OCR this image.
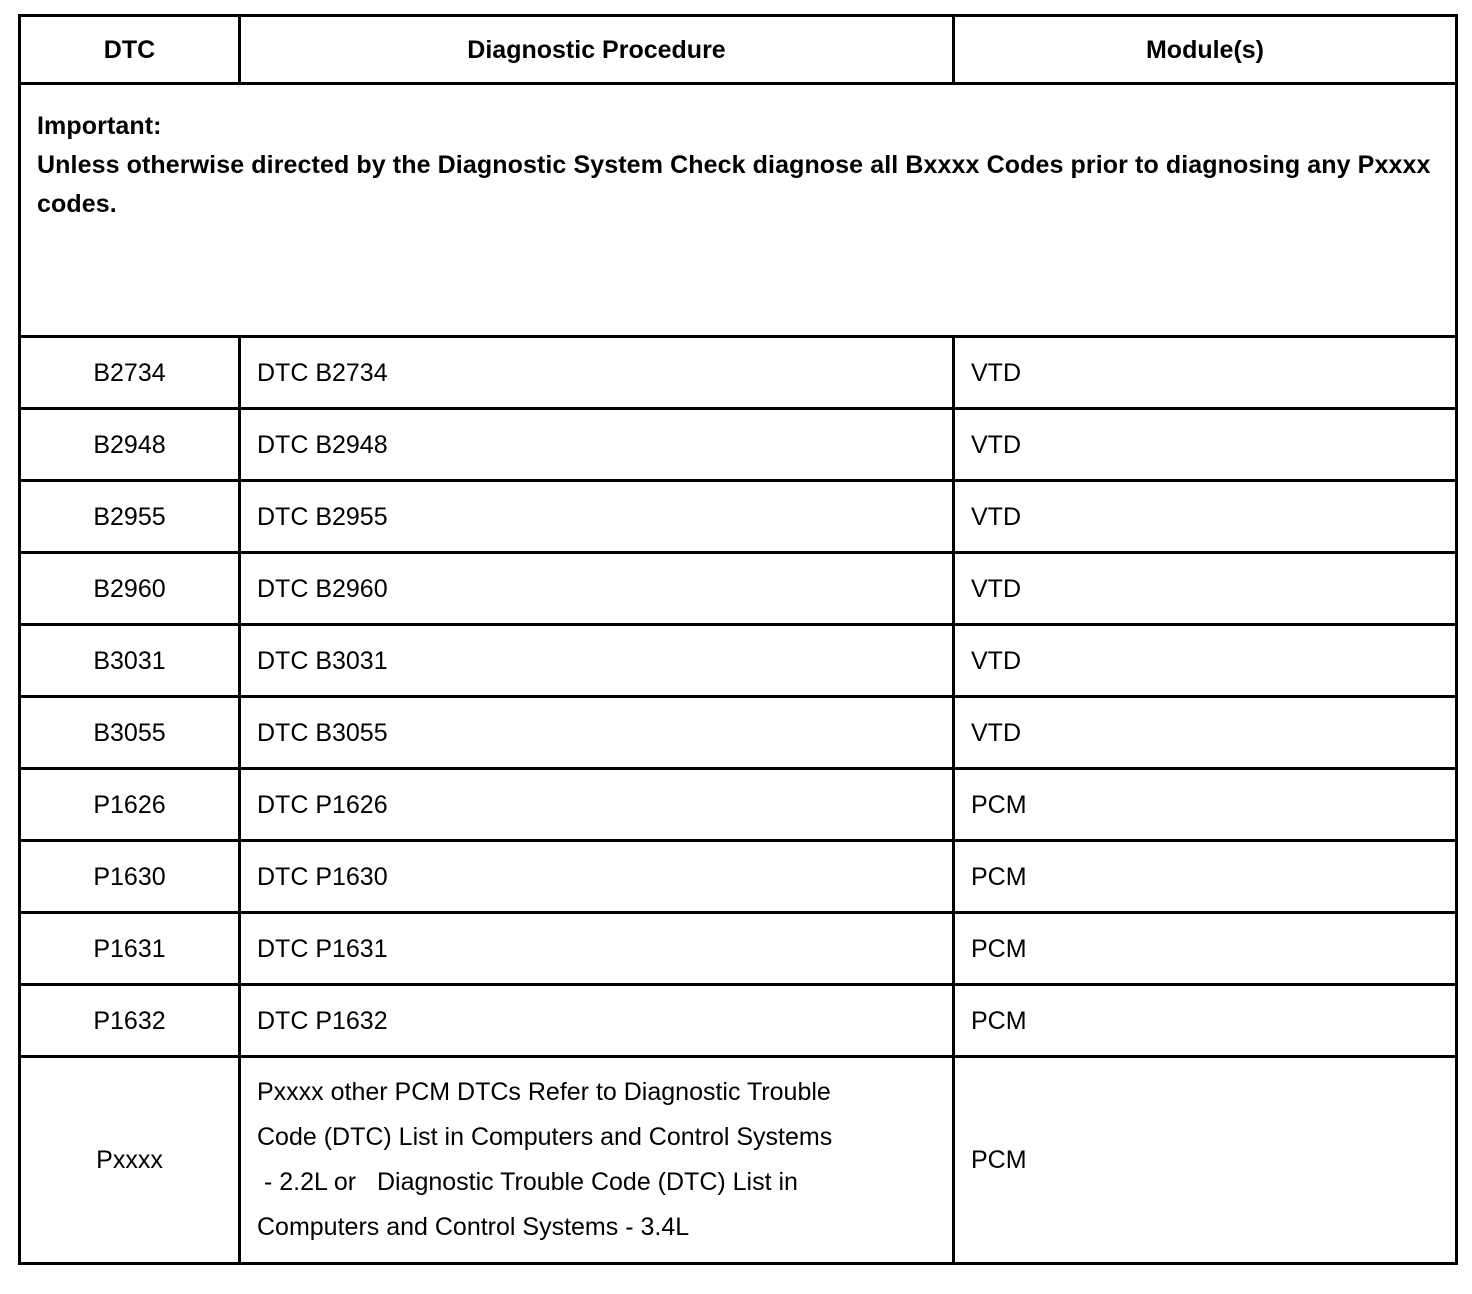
DTC	Diagnostic Procedure	Module(s)

Important:
Unless otherwise directed by the Diagnostic System Check diagnose all Bxxxx Codes prior to diagnosing any Pxxxx codes.		

B2734	DTC B2734	VTD
B2948	DTC B2948	VTD
B2955	DTC B2955	VTD
B2960	DTC B2960	VTD
B3031	DTC B3031	VTD
B3055	DTC B3055	VTD
P1626	DTC P1626	PCM
P1630	DTC P1630	PCM
P1631	DTC P1631	PCM
P1632	DTC P1632	PCM
Pxxxx	Pxxxx other PCM DTCs Refer to Diagnostic Trouble
Code (DTC) List in Computers and Control Systems
- 2.2L or   Diagnostic Trouble Code (DTC) List in
Computers and Control Systems - 3.4L	PCM
